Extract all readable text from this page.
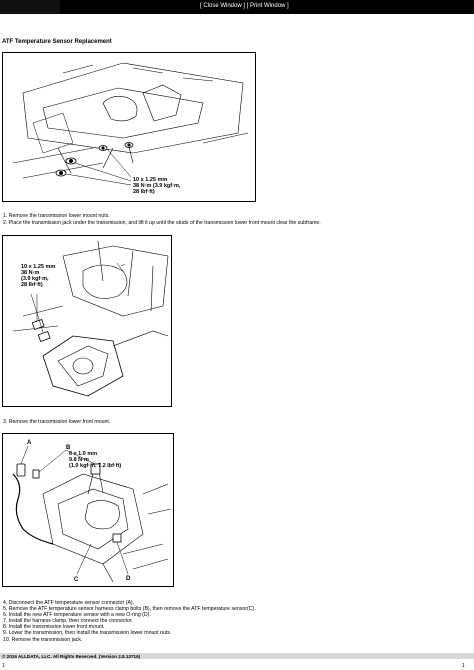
[ Close Window ] [ Print Window ]
ATF Temperature Sensor Replacement
10 x 1.25 mm
38 N·m (3.9 kgf·m,
28 lbf·ft)
1. Remove the transmission lower mount nuts.
2. Place the transmission jack under the transmission, and lift it up until the studs of the transmission lower front mount clear the subframe.
10 x 1.25 mm
38 N·m
(3.9 kgf·m,
28 lbf·ft)
3. Remove the transmission lower front mount.
A
B
C	D
6 x 1.0 mm
9.8 N·m
(1.0 kgf·m, 7.2 lbf·ft)
4. Disconnect the ATF temperature sensor connector (A).
5. Remove the ATF temperature sensor harness clamp bolts (B), then remove the ATF temperature sensor(C).
6. Install the new ATF temperature sensor with a new O-ring (D).
7. Install the harness clamp, then connect the connector.
8. Install the transmission lower front mount.
9. Lower the transmission, then install the transmission lower mount nuts.
10. Remove the transmission jack.
© 2016 ALLDATA, LLC. All Rights Reserved. (Version 2.8.13716)
1	1
